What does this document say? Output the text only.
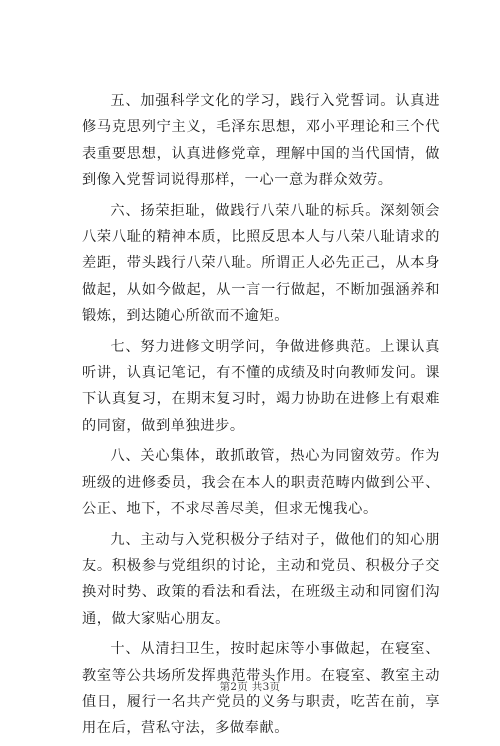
五、加强科学文化的学习，践行入党誓词。认真进修马克思列宁主义，毛泽东思想，邓小平理论和三个代表重要思想，认真进修党章，理解中国的当代国情，做到像入党誓词说得那样，一心一意为群众效劳。

六、扬荣拒耻，做践行八荣八耻的标兵。深刻领会八荣八耻的精神本质，比照反思本人与八荣八耻请求的差距，带头践行八荣八耻。所谓正人必先正己，从本身做起，从如今做起，从一言一行做起，不断加强涵养和锻炼，到达随心所欲而不逾矩。

七、努力进修文明学问，争做进修典范。上课认真听讲，认真记笔记，有不懂的成绩及时向教师发问。课下认真复习，在期末复习时，竭力协助在进修上有艰难的同窗，做到单独进步。

八、关心集体，敢抓敢管，热心为同窗效劳。作为班级的进修委员，我会在本人的职责范畴内做到公平、公正、地下，不求尽善尽美，但求无愧我心。

九、主动与入党积极分子结对子，做他们的知心朋友。积极参与党组织的讨论，主动和党员、积极分子交换对时势、政策的看法和看法，在班级主动和同窗们沟通，做大家贴心朋友。

十、从清扫卫生，按时起床等小事做起，在寝室、教室等公共场所发挥典范带头作用。在寝室、教室主动值日，履行一名共产党员的义务与职责，吃苦在前，享用在后，营私守法，多做奉献。

第2页 共3页
